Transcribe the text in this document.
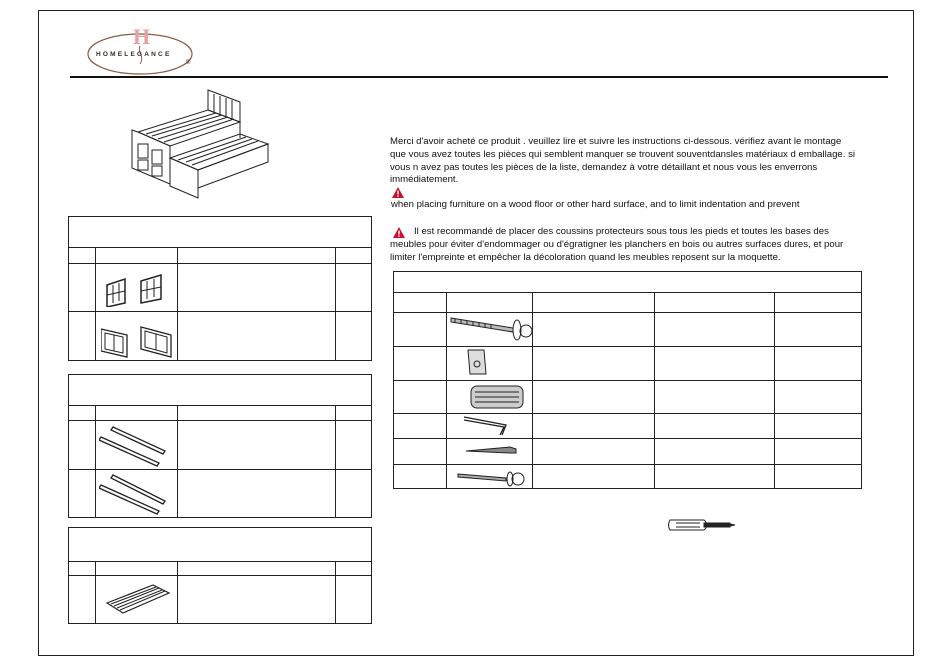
H
HOMELEGANCE
®
Merci d'avoir acheté ce produit . veuillez lire et suivre les instructions ci-dessous. vérifiez avant le montage
que vous avez toutes les pièces qui semblent manquer se trouvent souventdansles matériaux d emballage. si
vous n avez pas toutes les pièces de la liste, demandez à votre détaillant et nous vous les enverrons
immédiatement.
when placing furniture on a wood floor or other hard surface, and to limit indentation and prevent
Il est recommandé de placer des coussins protecteurs sous tous les pieds et toutes les bases des
meubles pour éviter d'endommager ou d'égratigner les planchers en bois ou autres surfaces dures, et pour
limiter l'empreinte et empêcher la décoloration quand les meubles reposent sur la moquette.
